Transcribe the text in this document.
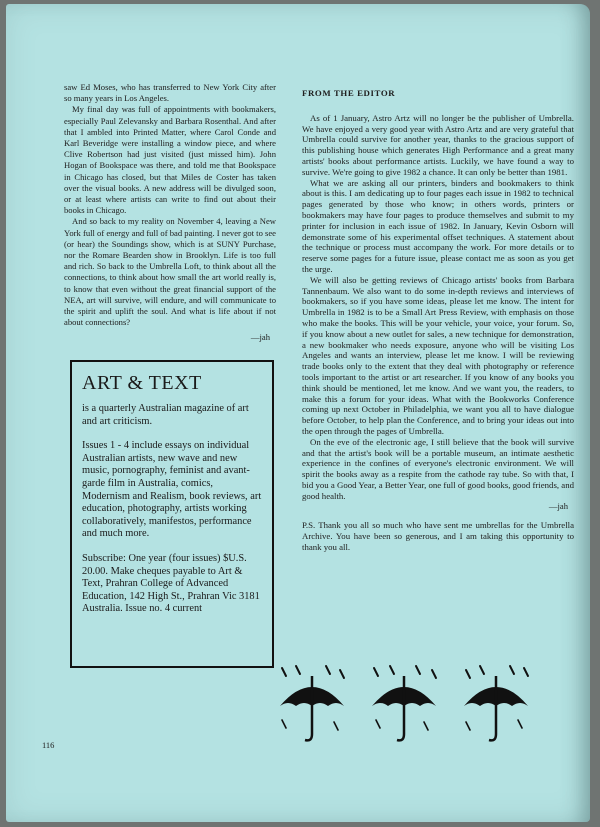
saw Ed Moses, who has transferred to New York City after so many years in Los Angeles.

My final day was full of appointments with bookmakers, especially Paul Zelevansky and Barbara Rosenthal. And after that I ambled into Printed Matter, where Carol Conde and Karl Beveridge were installing a window piece, and where Clive Robertson had just visited (just missed him). John Hogan of Bookspace was there, and told me that Bookspace in Chicago has closed, but that Miles de Coster has taken over the visual books. A new address will be divulged soon, or at least where artists can write to find out about their books in Chicago.

And so back to my reality on November 4, leaving a New York full of energy and full of bad painting. I never got to see (or hear) the Soundings show, which is at SUNY Purchase, nor the Romare Bearden show in Brooklyn. Life is too full and rich. So back to the Umbrella Loft, to think about all the connections, to think about how small the art world really is, to know that even without the great financial support of the NEA, art will survive, will endure, and will communicate to the spirit and uplift the soul. And what is life about if not about connections?

—jah
ART & TEXT

is a quarterly Australian magazine of art and art criticism.

Issues 1 - 4 include essays on individual Australian artists, new wave and new music, pornography, feminist and avant-garde film in Australia, comics, Modernism and Realism, book reviews, art education, photography, artists working collaboratively, manifestos, performance and much more.

Subscribe: One year (four issues) $U.S. 20.00. Make cheques payable to Art & Text, Prahran College of Advanced Education, 142 High St., Prahran Vic 3181 Australia. Issue no. 4 current

FROM THE EDITOR

As of 1 January, Astro Artz will no longer be the publisher of Umbrella. We have enjoyed a very good year with Astro Artz and are very grateful that Umbrella could survive for another year, thanks to the gracious support of this publishing house which generates High Performance and a great many artists' books about performance artists. Luckily, we have found a way to survive. We're going to give 1982 a chance. It can only be better than 1981.

What we are asking all our printers, binders and bookmakers to think about is this. I am dedicating up to four pages each issue in 1982 to technical pages generated by those who know; in others words, printers or bookmakers may have four pages to produce themselves and submit to my printer for inclusion in each issue of 1982. In January, Kevin Osborn will demonstrate some of his experimental offset techniques. A statement about the technique or process must accompany the work. For more details or to reserve some pages for a future issue, please contact me as soon as you get the urge.

We will also be getting reviews of Chicago artists' books from Barbara Tannenbaum. We also want to do some in-depth reviews and interviews of bookmakers, so if you have some ideas, please let me know. The intent for Umbrella in 1982 is to be a Small Art Press Review, with emphasis on those who make the books. This will be your vehicle, your voice, your forum. So, if you know about a new outlet for sales, a new technique for demonstration, a new bookmaker who needs exposure, anyone who will be visiting Los Angeles and wants an interview, please let me know. I will be reviewing trade books only to the extent that they deal with photography or reference tools important to the artist or art researcher. If you know of any books you think should be mentioned, let me know. And we want you, the readers, to make this a forum for your ideas. What with the Bookworks Conference coming up next October in Philadelphia, we want you all to have dialogue before October, to help plan the Conference, and to bring your ideas out into the open through the pages of Umbrella.

On the eve of the electronic age, I still believe that the book will survive and that the artist's book will be a portable museum, an intimate aesthetic experience in the confines of everyone's electronic environment. We will spirit the books away as a respite from the cathode ray tube. So with that, I bid you a Good Year, a Better Year, one full of good books, good friends, and good health.

—jah

P.S. Thank you all so much who have sent me umbrellas for the Umbrella Archive. You have been so generous, and I am taking this opportunity to thank you all.

116
